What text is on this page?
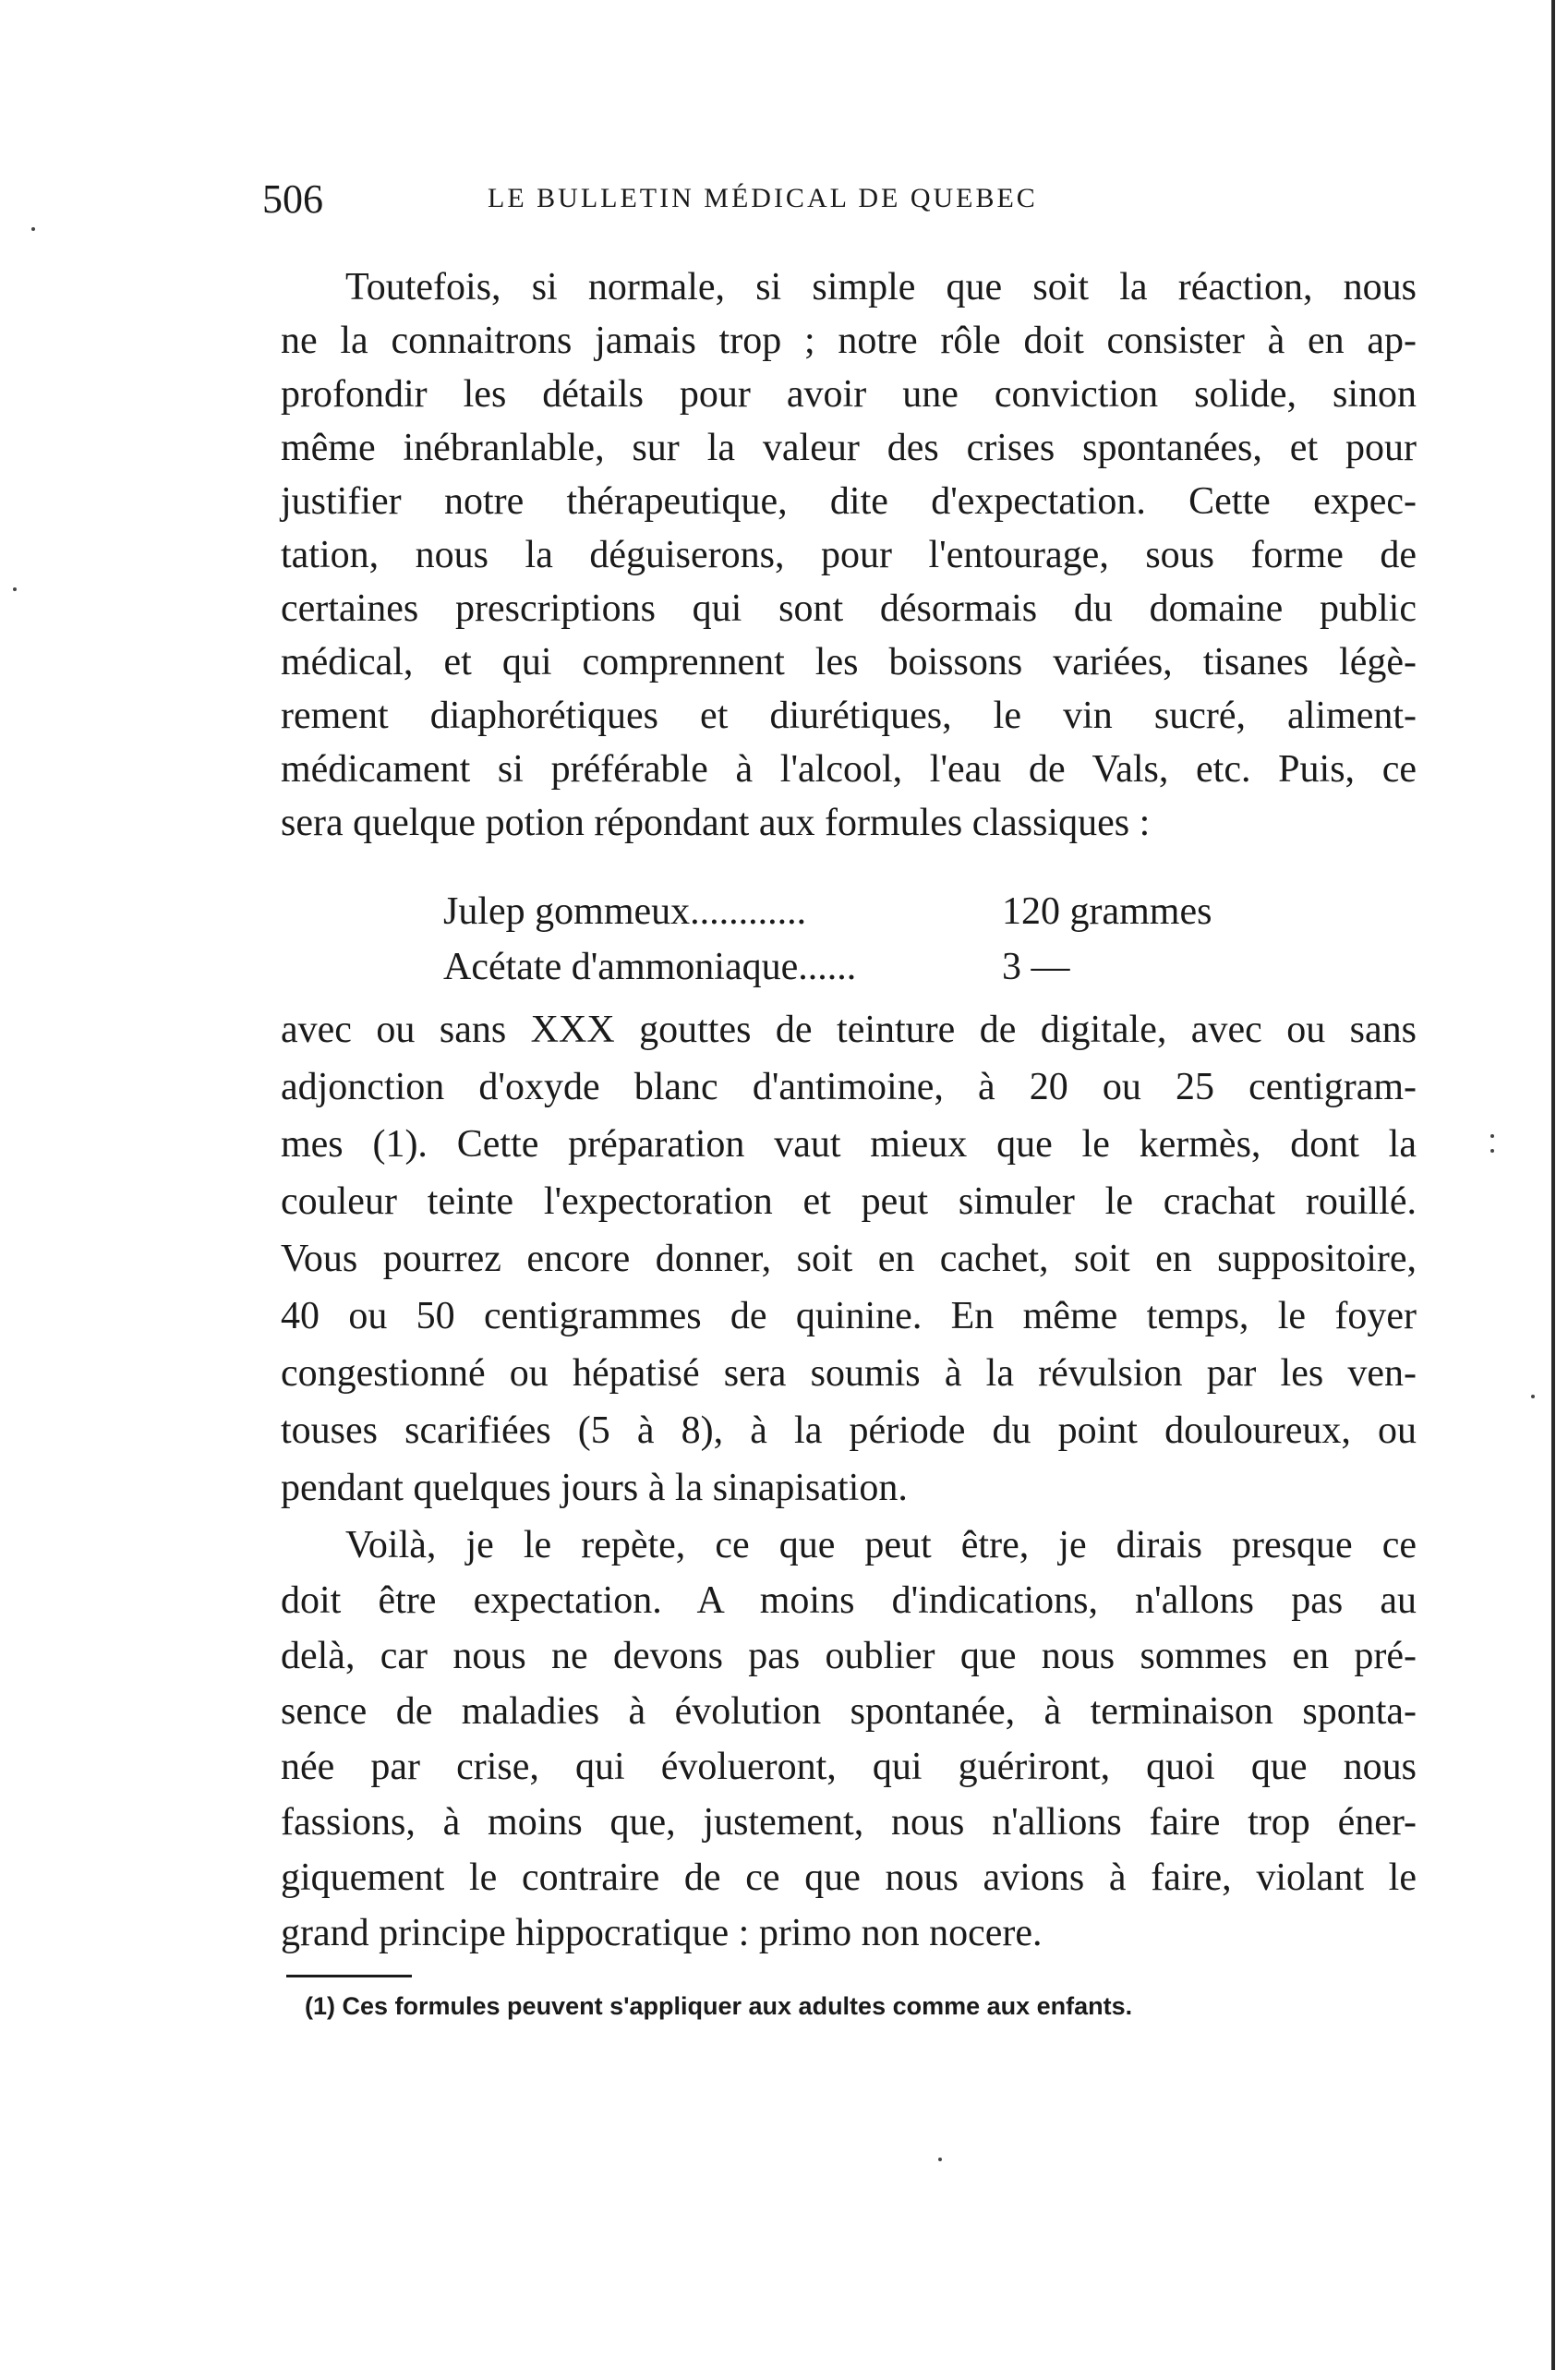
506	LE BULLETIN MÉDICAL DE QUEBEC
Toutefois, si normale, si simple que soit la réaction, nous
ne la connaitrons jamais trop ; notre rôle doit consister à en ap-
profondir les détails pour avoir une conviction solide, sinon
même inébranlable, sur la valeur des crises spontanées, et pour
justifier notre thérapeutique, dite d'expectation. Cette expec-
tation, nous la déguiserons, pour l'entourage, sous forme de
certaines prescriptions qui sont désormais du domaine public
médical, et qui comprennent les boissons variées, tisanes légè-
rement diaphorétiques et diurétiques, le vin sucré, aliment-
médicament si préférable à l'alcool, l'eau de Vals, etc. Puis, ce
sera quelque potion répondant aux formules classiques :
Julep gommeux............	120 grammes
Acétate d'ammoniaque......	3 —
avec ou sans XXX gouttes de teinture de digitale, avec ou sans
adjonction d'oxyde blanc d'antimoine, à 20 ou 25 centigram-
mes (1). Cette préparation vaut mieux que le kermès, dont la
couleur teinte l'expectoration et peut simuler le crachat rouillé.
Vous pourrez encore donner, soit en cachet, soit en suppositoire,
40 ou 50 centigrammes de quinine. En même temps, le foyer
congestionné ou hépatisé sera soumis à la révulsion par les ven-
touses scarifiées (5 à 8), à la période du point douloureux, ou
pendant quelques jours à la sinapisation.
Voilà, je le repète, ce que peut être, je dirais presque ce
doit être expectation. A moins d'indications, n'allons pas au
delà, car nous ne devons pas oublier que nous sommes en pré-
sence de maladies à évolution spontanée, à terminaison sponta-
née par crise, qui évolueront, qui guériront, quoi que nous
fassions, à moins que, justement, nous n'allions faire trop éner-
giquement le contraire de ce que nous avions à faire, violant le
grand principe hippocratique : primo non nocere.
(1) Ces formules peuvent s'appliquer aux adultes comme aux enfants.
